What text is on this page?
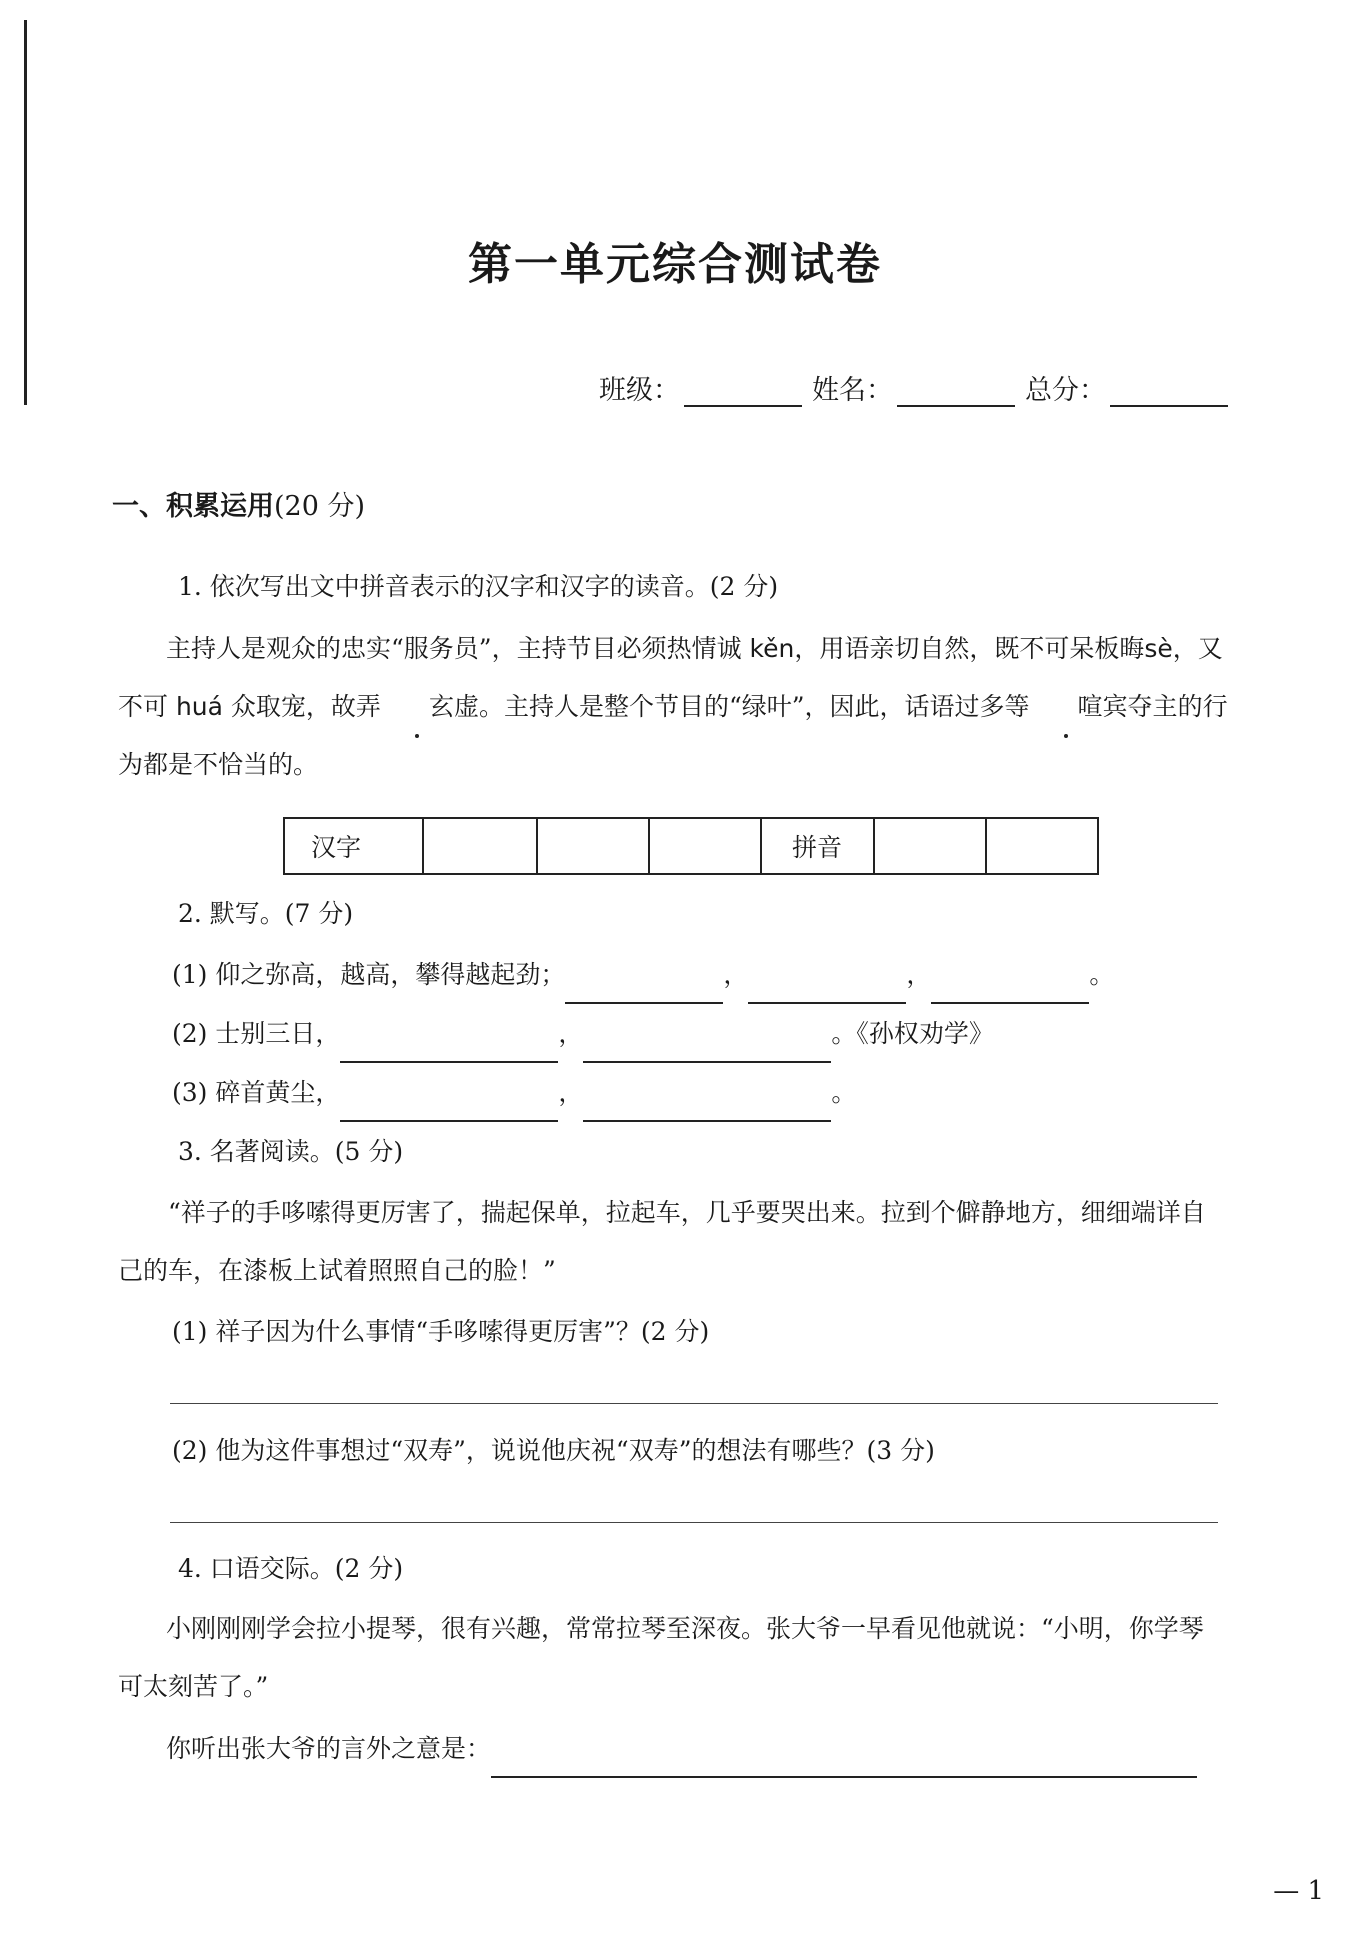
第一单元综合测试卷
班级：	姓名：	总分：
一、积累运用(20 分)
1. 依次写出文中拼音表示的汉字和汉字的读音。(2 分)
主持人是观众的忠实“服务员”，主持节目必须热情诚 kěn，用语亲切自然，既不可呆板晦sè，又不可 huá 众取宠，故弄 玄虚。主持人是整个节目的“绿叶”，因此，话语过多等 喧宾夺主的行为都是不恰当的。
汉字				拼音		
2. 默写。(7 分)
(1) 仰之弥高，越高，攀得越起劲；	，	，	。
(2) 士别三日，	，	。《孙权劝学》
(3) 碎首黄尘，	，	。
3. 名著阅读。(5 分)
“祥子的手哆嗦得更厉害了，揣起保单，拉起车，几乎要哭出来。拉到个僻静地方，细细端详自己的车，在漆板上试着照照自己的脸！”
(1) 祥子因为什么事情“手哆嗦得更厉害”？(2 分)
(2) 他为这件事想过“双寿”，说说他庆祝“双寿”的想法有哪些？(3 分)
4. 口语交际。(2 分)
小刚刚刚学会拉小提琴，很有兴趣，常常拉琴至深夜。张大爷一早看见他就说：“小明，你学琴可太刻苦了。”
你听出张大爷的言外之意是：
— 1
